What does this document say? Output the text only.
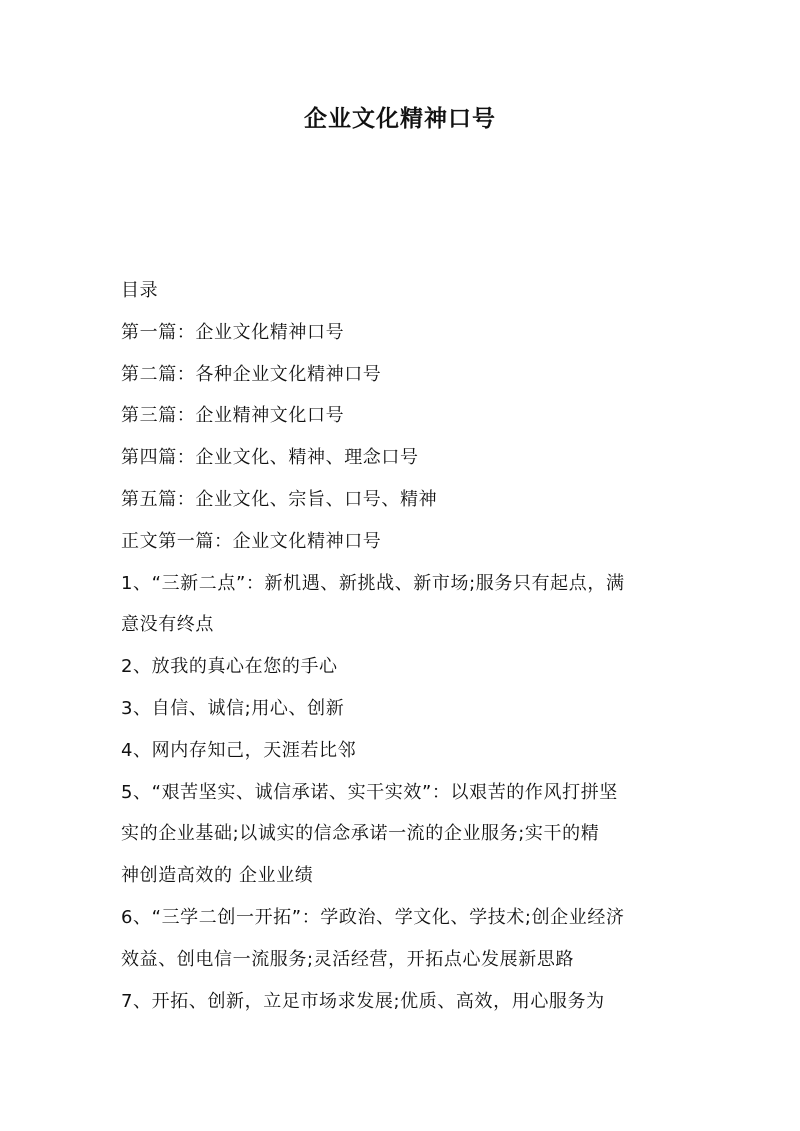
企业文化精神口号
目录
第一篇：企业文化精神口号
第二篇：各种企业文化精神口号
第三篇：企业精神文化口号
第四篇：企业文化、精神、理念口号
第五篇：企业文化、宗旨、口号、精神
正文第一篇：企业文化精神口号
1、“三新二点”：新机遇、新挑战、新市场;服务只有起点，满
意没有终点
2、放我的真心在您的手心
3、自信、诚信;用心、创新
4、网内存知己，天涯若比邻
5、“艰苦坚实、诚信承诺、实干实效”：以艰苦的作风打拼坚
实的企业基础;以诚实的信念承诺一流的企业服务;实干的精
神创造高效的 企业业绩
6、“三学二创一开拓”：学政治、学文化、学技术;创企业经济
效益、创电信一流服务;灵活经营，开拓点心发展新思路
7、开拓、创新，立足市场求发展;优质、高效，用心服务为
